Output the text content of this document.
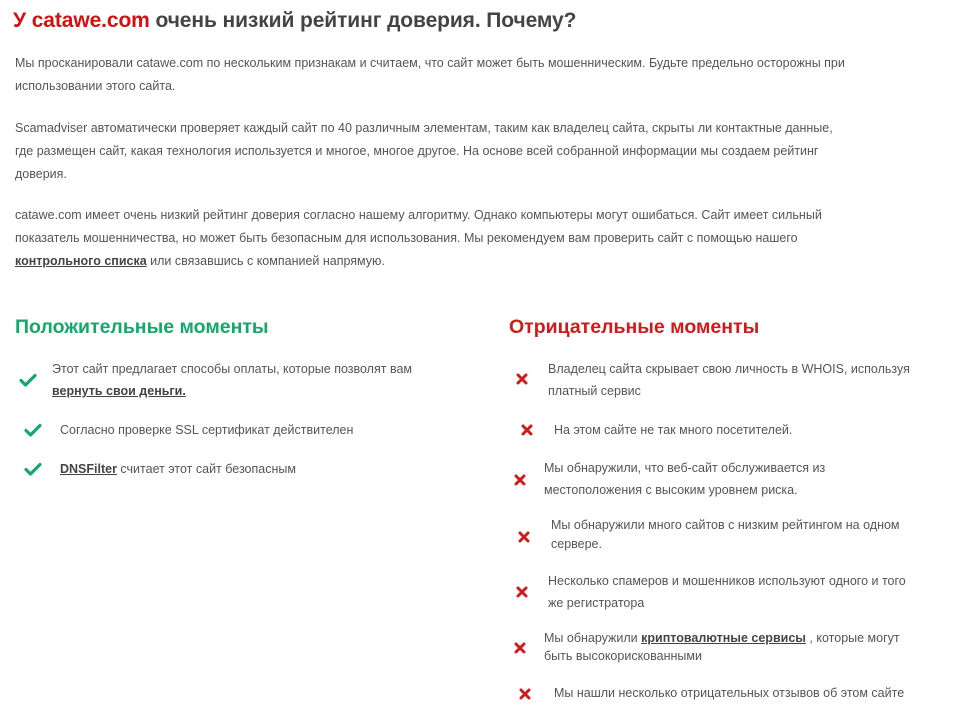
У catawe.com очень низкий рейтинг доверия. Почему?

Мы просканировали catawe.com по нескольким признакам и считаем, что сайт может быть мошенническим. Будьте предельно осторожны при
использовании этого сайта.

Scamadviser автоматически проверяет каждый сайт по 40 различным элементам, таким как владелец сайта, скрыты ли контактные данные,
где размещен сайт, какая технология используется и многое, многое другое. На основе всей собранной информации мы создаем рейтинг
доверия.

catawe.com имеет очень низкий рейтинг доверия согласно нашему алгоритму. Однако компьютеры могут ошибаться. Сайт имеет сильный
показатель мошенничества, но может быть безопасным для использования. Мы рекомендуем вам проверить сайт с помощью нашего
контрольного списка или связавшись с компанией напрямую.

Положительные моменты	Отрицательные моменты

Этот сайт предлагает способы оплаты, которые позволят вам
вернуть свои деньги.

Согласно проверке SSL сертификат действителен

DNSFilter считает этот сайт безопасным

Владелец сайта скрывает свою личность в WHOIS, используя
платный сервис

На этом сайте не так много посетителей.

Мы обнаружили, что веб-сайт обслуживается из
местоположения с высоким уровнем риска.

Мы обнаружили много сайтов с низким рейтингом на одном
сервере.

Несколько спамеров и мошенников используют одного и того
же регистратора

Мы обнаружили криптовалютные сервисы , которые могут
быть высокорискованными

Мы нашли несколько отрицательных отзывов об этом сайте
